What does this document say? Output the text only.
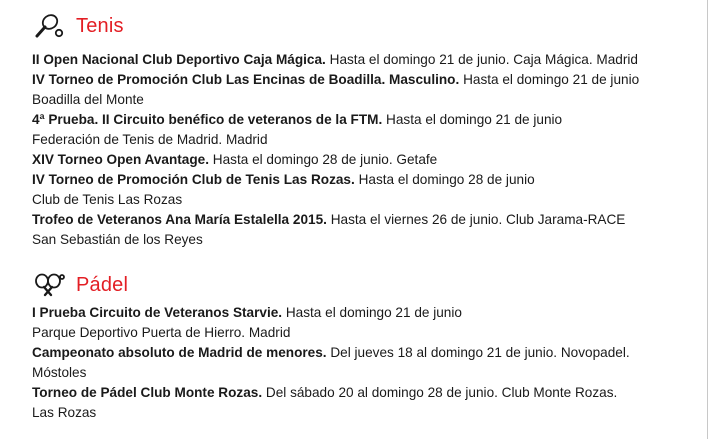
Tenis
II Open Nacional Club Deportivo Caja Mágica. Hasta el domingo 21 de junio. Caja Mágica. Madrid
IV Torneo de Promoción Club Las Encinas de Boadilla. Masculino. Hasta el domingo 21 de junio
Boadilla del Monte
4ª Prueba. II Circuito benéfico de veteranos de la FTM. Hasta el domingo 21 de junio
Federación de Tenis de Madrid. Madrid
XIV Torneo Open Avantage. Hasta el domingo 28 de junio. Getafe
IV Torneo de Promoción Club de Tenis Las Rozas. Hasta el domingo 28 de junio
Club de Tenis Las Rozas
Trofeo de Veteranos Ana María Estalella 2015. Hasta el viernes 26 de junio. Club Jarama-RACE
San Sebastián de los Reyes
Pádel
I Prueba Circuito de Veteranos Starvie. Hasta el domingo 21 de junio
Parque Deportivo Puerta de Hierro. Madrid
Campeonato absoluto de Madrid de menores. Del jueves 18 al domingo 21 de junio. Novopadel.
Móstoles
Torneo de Pádel Club Monte Rozas. Del sábado 20 al domingo 28 de junio. Club Monte Rozas.
Las Rozas
